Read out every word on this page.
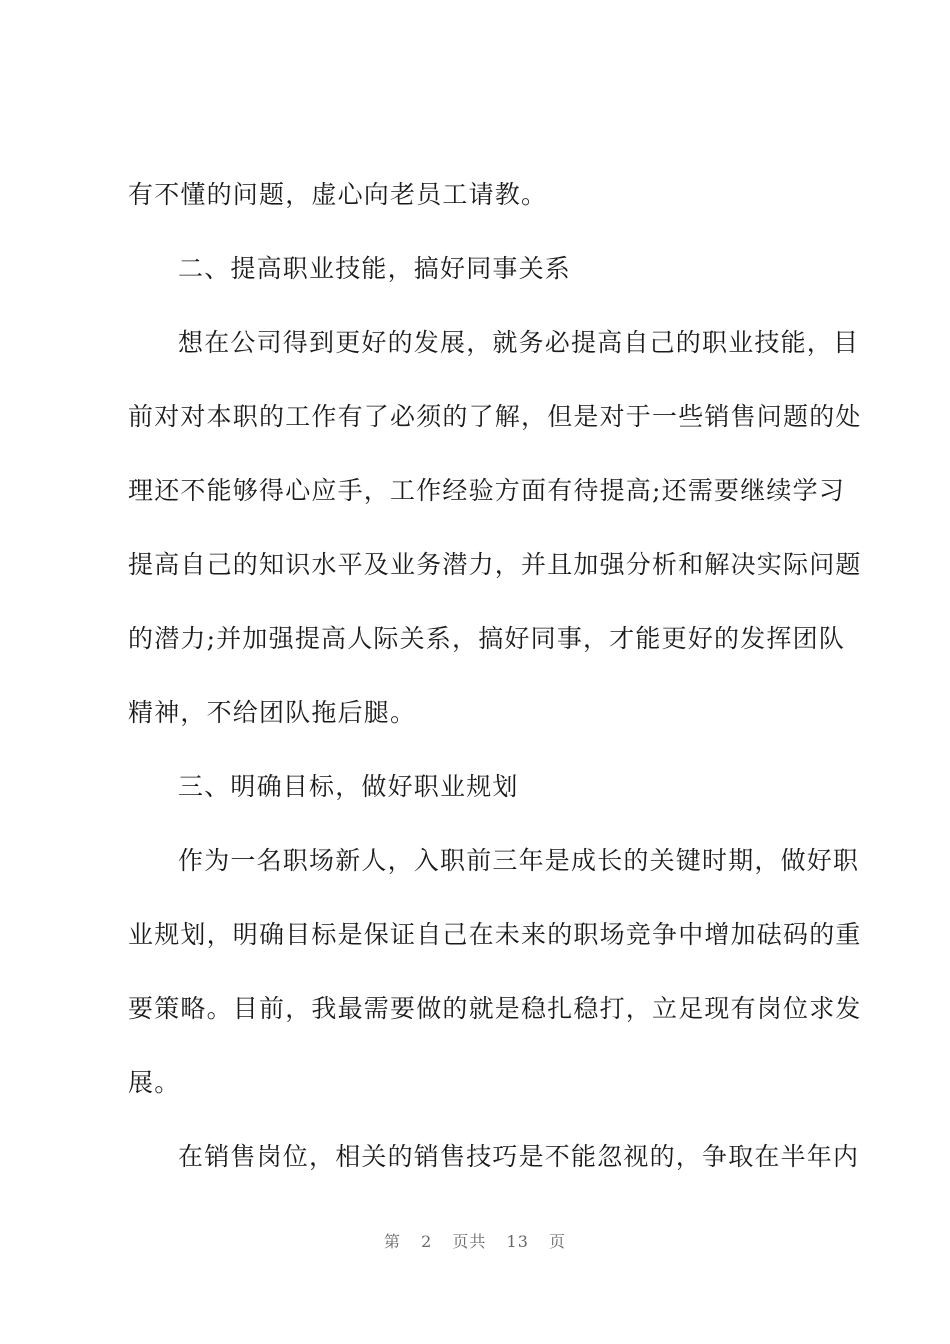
有不懂的问题，虚心向老员工请教。
二、提高职业技能，搞好同事关系
想在公司得到更好的发展，就务必提高自己的职业技能，目
前对对本职的工作有了必须的了解，但是对于一些销售问题的处
理还不能够得心应手，工作经验方面有待提高;还需要继续学习
提高自己的知识水平及业务潜力，并且加强分析和解决实际问题
的潜力;并加强提高人际关系，搞好同事，才能更好的发挥团队
精神，不给团队拖后腿。
三、明确目标，做好职业规划
作为一名职场新人，入职前三年是成长的关键时期，做好职
业规划，明确目标是保证自己在未来的职场竞争中增加砝码的重
要策略。目前，我最需要做的就是稳扎稳打，立足现有岗位求发
展。
在销售岗位，相关的销售技巧是不能忽视的，争取在半年内
第 2 页共 13 页
